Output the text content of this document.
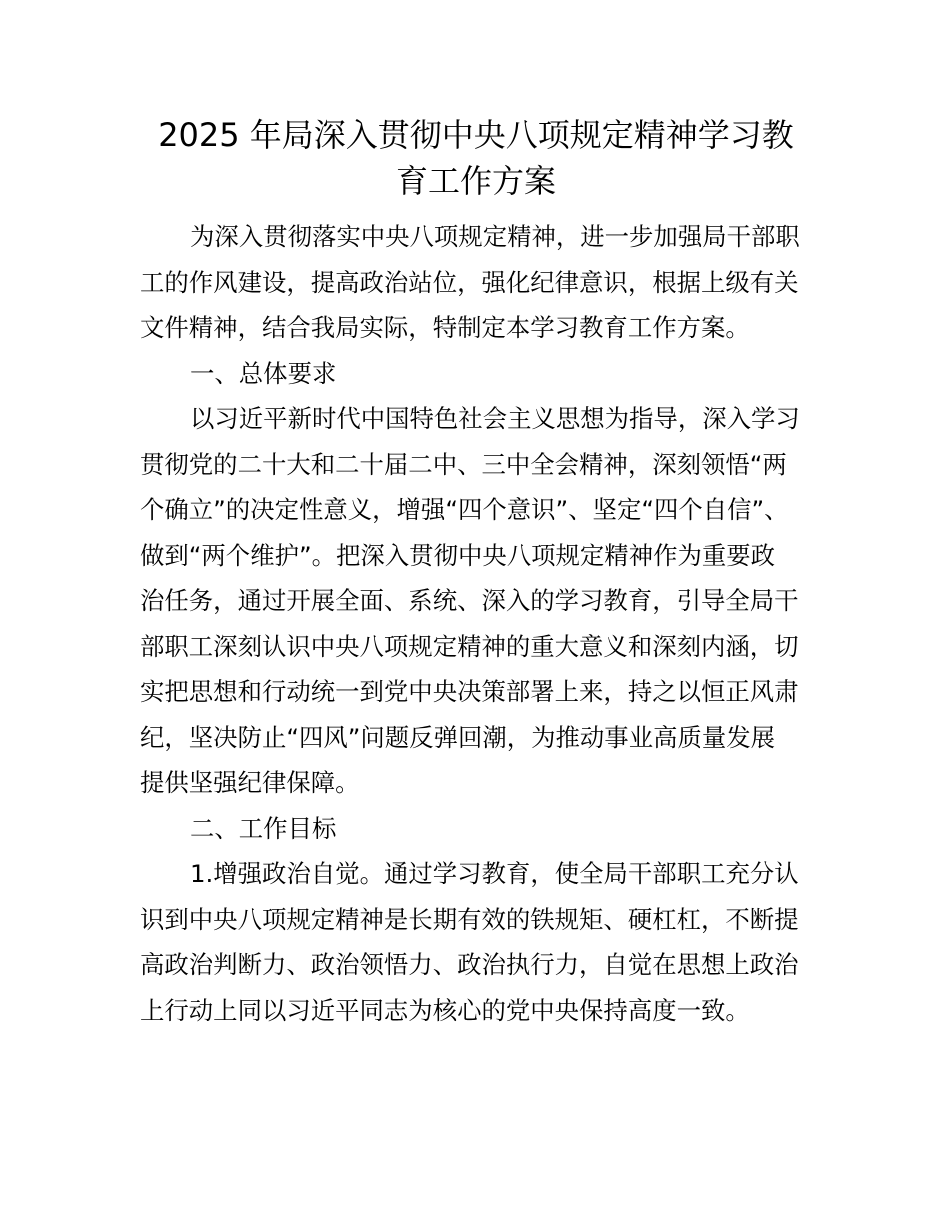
2025 年局深入贯彻中央八项规定精神学习教
育工作方案
为深入贯彻落实中央八项规定精神，进一步加强局干部职
工的作风建设，提高政治站位，强化纪律意识，根据上级有关
文件精神，结合我局实际，特制定本学习教育工作方案。
一、总体要求
以习近平新时代中国特色社会主义思想为指导，深入学习
贯彻党的二十大和二十届二中、三中全会精神，深刻领悟“两
个确立”的决定性意义，增强“四个意识”、坚定“四个自信”、
做到“两个维护”。把深入贯彻中央八项规定精神作为重要政
治任务，通过开展全面、系统、深入的学习教育，引导全局干
部职工深刻认识中央八项规定精神的重大意义和深刻内涵，切
实把思想和行动统一到党中央决策部署上来，持之以恒正风肃
纪，坚决防止“四风”问题反弹回潮，为推动事业高质量发展
提供坚强纪律保障。
二、工作目标
1.增强政治自觉。通过学习教育，使全局干部职工充分认
识到中央八项规定精神是长期有效的铁规矩、硬杠杠，不断提
高政治判断力、政治领悟力、政治执行力，自觉在思想上政治
上行动上同以习近平同志为核心的党中央保持高度一致。
